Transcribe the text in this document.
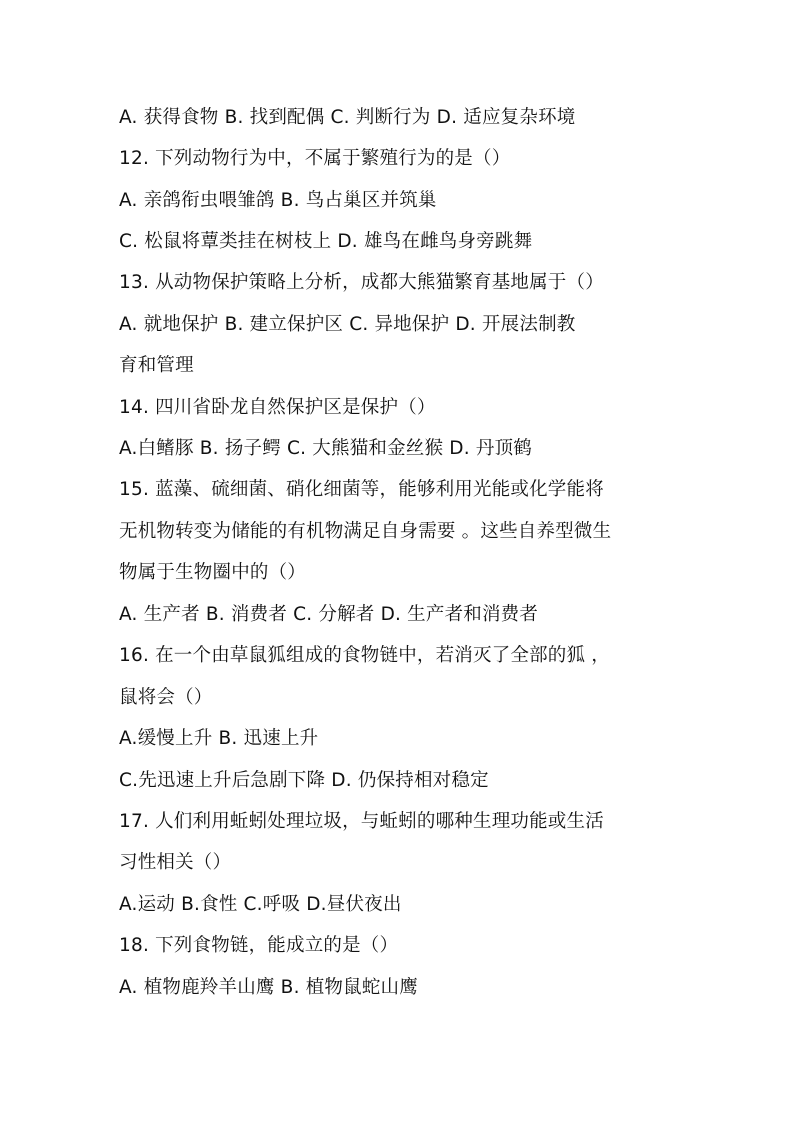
A. 获得食物 B. 找到配偶 C. 判断行为 D. 适应复杂环境
12. 下列动物行为中，不属于繁殖行为的是（）
A. 亲鸽衔虫喂雏鸽 B. 鸟占巢区并筑巢
C. 松鼠将蕈类挂在树枝上 D. 雄鸟在雌鸟身旁跳舞
13. 从动物保护策略上分析，成都大熊猫繁育基地属于（）
A. 就地保护 B. 建立保护区 C. 异地保护 D. 开展法制教
育和管理
14. 四川省卧龙自然保护区是保护（）
A.白鳍豚 B. 扬子鳄 C. 大熊猫和金丝猴 D. 丹顶鹤
15. 蓝藻、硫细菌、硝化细菌等，能够利用光能或化学能将
无机物转变为储能的有机物满足自身需要 。这些自养型微生
物属于生物圈中的（）
A. 生产者 B. 消费者 C. 分解者 D. 生产者和消费者
16. 在一个由草鼠狐组成的食物链中，若消灭了全部的狐 ，
鼠将会（）
A.缓慢上升 B. 迅速上升
C.先迅速上升后急剧下降 D. 仍保持相对稳定
17. 人们利用蚯蚓处理垃圾，与蚯蚓的哪种生理功能或生活
习性相关（）
A.运动 B.食性 C.呼吸 D.昼伏夜出
18. 下列食物链，能成立的是（）
A. 植物鹿羚羊山鹰 B. 植物鼠蛇山鹰
